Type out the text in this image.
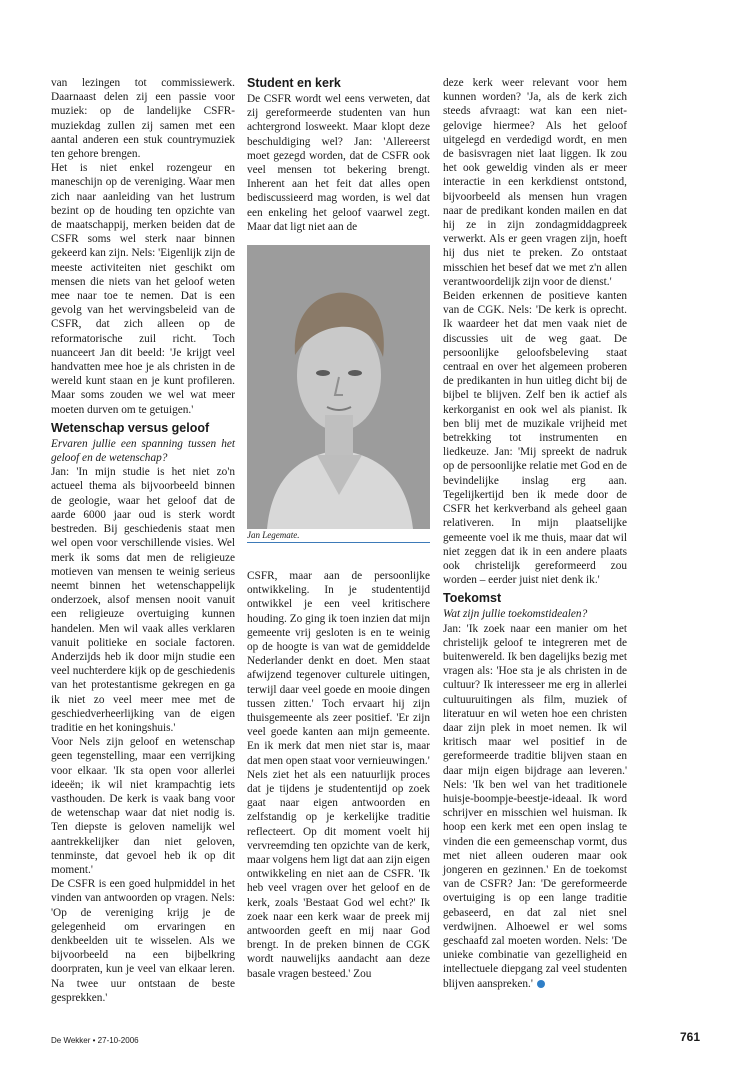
van lezingen tot commissiewerk. Daarnaast delen zij een passie voor muziek: op de landelijke CSFR-muziekdag zullen zij samen met een aantal anderen een stuk countrymuziek ten gehore brengen.

Het is niet enkel rozengeur en maneschijn op de vereniging. Waar men zich naar aanleiding van het lustrum bezint op de houding ten opzichte van de maatschappij, merken beiden dat de CSFR soms wel sterk naar binnen gekeerd kan zijn. Nels: 'Eigenlijk zijn de meeste activiteiten niet geschikt om mensen die niets van het geloof weten mee naar toe te nemen. Dat is een gevolg van het wervingsbeleid van de CSFR, dat zich alleen op de reformatorische zuil richt. Toch nuanceert Jan dit beeld: 'Je krijgt veel handvatten mee hoe je als christen in de wereld kunt staan en je kunt profileren. Maar soms zouden we wel wat meer moeten durven om te getuigen.'

Wetenschap versus geloof

Ervaren jullie een spanning tussen het geloof en de wetenschap?

Jan: 'In mijn studie is het niet zo'n actueel thema als bijvoorbeeld binnen de geologie, waar het geloof dat de aarde 6000 jaar oud is sterk wordt bestreden. Bij geschiedenis staat men wel open voor verschillende visies. Wel merk ik soms dat men de religieuze motieven van mensen te weinig serieus neemt binnen het wetenschappelijk onderzoek, alsof mensen nooit vanuit een religieuze overtuiging kunnen handelen. Men wil vaak alles verklaren vanuit politieke en sociale factoren. Anderzijds heb ik door mijn studie een veel nuchterdere kijk op de geschiedenis van het protestantisme gekregen en ga ik niet zo veel meer mee met de geschiedverheerlijking van de eigen traditie en het koningshuis.'

Voor Nels zijn geloof en wetenschap geen tegenstelling, maar een verrijking voor elkaar. 'Ik sta open voor allerlei ideeën; ik wil niet krampachtig iets vasthouden. De kerk is vaak bang voor de wetenschap waar dat niet nodig is. Ten diepste is geloven namelijk wel aantrekkelijker dan niet geloven, tenminste, dat gevoel heb ik op dit moment.'

De CSFR is een goed hulpmiddel in het vinden van antwoorden op vragen. Nels: 'Op de vereniging krijg je de gelegenheid om ervaringen en denkbeelden uit te wisselen. Als we bijvoorbeeld na een bijbelkring doorpraten, kun je veel van elkaar leren. Na twee uur ontstaan de beste gesprekken.'

Student en kerk

De CSFR wordt wel eens verweten, dat zij gereformeerde studenten van hun achtergrond losweekt. Maar klopt deze beschuldiging wel? Jan: 'Allereerst moet gezegd worden, dat de CSFR ook veel mensen tot bekering brengt. Inherent aan het feit dat alles open bediscussieerd mag worden, is wel dat een enkeling het geloof vaarwel zegt. Maar dat ligt niet aan de

Jan Legemate.

CSFR, maar aan de persoonlijke ontwikkeling. In je studententijd ontwikkel je een veel kritischere houding. Zo ging ik toen inzien dat mijn gemeente vrij gesloten is en te weinig op de hoogte is van wat de gemiddelde Nederlander denkt en doet. Men staat afwijzend tegenover culturele uitingen, terwijl daar veel goede en mooie dingen tussen zitten.' Toch ervaart hij zijn thuisgemeente als zeer positief. 'Er zijn veel goede kanten aan mijn gemeente. En ik merk dat men niet star is, maar dat men open staat voor vernieuwingen.'

Nels ziet het als een natuurlijk proces dat je tijdens je studententijd op zoek gaat naar eigen antwoorden en zelfstandig op je kerkelijke traditie reflecteert. Op dit moment voelt hij vervreemding ten opzichte van de kerk, maar volgens hem ligt dat aan zijn eigen ontwikkeling en niet aan de CSFR. 'Ik heb veel vragen over het geloof en de kerk, zoals 'Bestaat God wel echt?' Ik zoek naar een kerk waar de preek mij antwoorden geeft en mij naar God brengt. In de preken binnen de CGK wordt nauwelijks aandacht aan deze basale vragen besteed.' Zou

deze kerk weer relevant voor hem kunnen worden? 'Ja, als de kerk zich steeds afvraagt: wat kan een niet-gelovige hiermee? Als het geloof uitgelegd en verdedigd wordt, en men de basisvragen niet laat liggen. Ik zou het ook geweldig vinden als er meer interactie in een kerkdienst ontstond, bijvoorbeeld als mensen hun vragen naar de predikant konden mailen en dat hij ze in zijn zondagmiddagpreek verwerkt. Als er geen vragen zijn, hoeft hij dus niet te preken. Zo ontstaat misschien het besef dat we met z'n allen verantwoordelijk zijn voor de dienst.'

Beiden erkennen de positieve kanten van de CGK. Nels: 'De kerk is oprecht. Ik waardeer het dat men vaak niet de discussies uit de weg gaat. De persoonlijke geloofsbeleving staat centraal en over het algemeen proberen de predikanten in hun uitleg dicht bij de bijbel te blijven. Zelf ben ik actief als kerkorganist en ook wel als pianist. Ik ben blij met de muzikale vrijheid met betrekking tot instrumenten en liedkeuze. Jan: 'Mij spreekt de nadruk op de persoonlijke relatie met God en de bevindelijke inslag erg aan. Tegelijkertijd ben ik mede door de CSFR het kerkverband als geheel gaan relativeren. In mijn plaatselijke gemeente voel ik me thuis, maar dat wil niet zeggen dat ik in een andere plaats ook christelijk gereformeerd zou worden – eerder juist niet denk ik.'

Toekomst

Wat zijn jullie toekomstidealen?

Jan: 'Ik zoek naar een manier om het christelijk geloof te integreren met de buitenwereld. Ik ben dagelijks bezig met vragen als: 'Hoe sta je als christen in de cultuur? Ik interesseer me erg in allerlei cultuuruitingen als film, muziek of literatuur en wil weten hoe een christen daar zijn plek in moet nemen. Ik wil kritisch maar wel positief in de gereformeerde traditie blijven staan en daar mijn eigen bijdrage aan leveren.' Nels: 'Ik ben wel van het traditionele huisje-boompje-beestje-ideaal. Ik word schrijver en misschien wel huisman. Ik hoop een kerk met een open inslag te vinden die een gemeenschap vormt, dus met niet alleen ouderen maar ook jongeren en gezinnen.' En de toekomst van de CSFR? Jan: 'De gereformeerde overtuiging is op een lange traditie gebaseerd, en dat zal niet snel verdwijnen. Alhoewel er wel soms geschaafd zal moeten worden. Nels: 'De unieke combinatie van gezelligheid en intellectuele diepgang zal veel studenten blijven aanspreken.'

De Wekker • 27-10-2006	761
